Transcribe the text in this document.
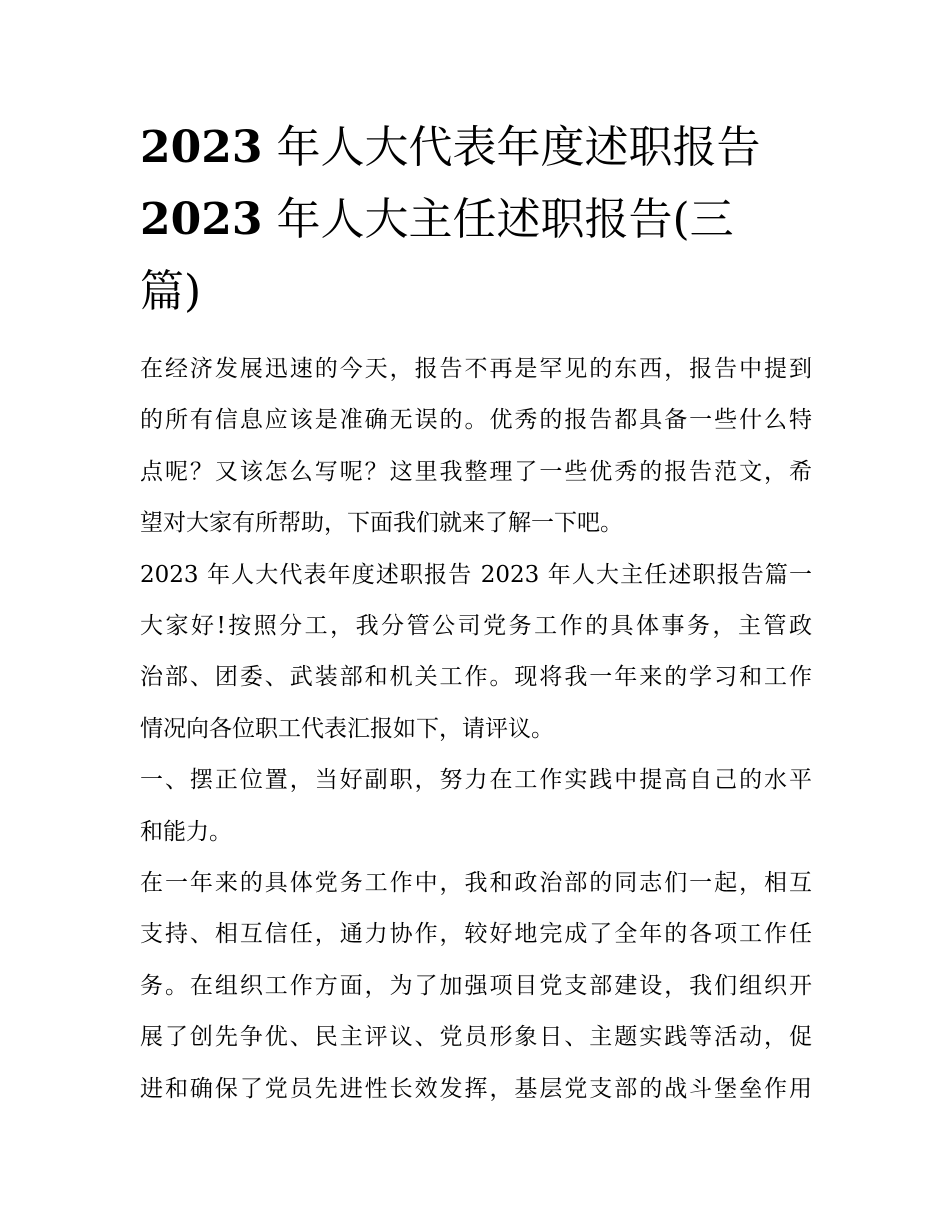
2023 年人大代表年度述职报告
2023 年人大主任述职报告(三
篇)

在经济发展迅速的今天，报告不再是罕见的东西，报告中提到
的所有信息应该是准确无误的。优秀的报告都具备一些什么特
点呢？又该怎么写呢？这里我整理了一些优秀的报告范文，希
望对大家有所帮助，下面我们就来了解一下吧。

2023 年人大代表年度述职报告 2023 年人大主任述职报告篇一

大家好!按照分工，我分管公司党务工作的具体事务，主管政
治部、团委、武装部和机关工作。现将我一年来的学习和工作
情况向各位职工代表汇报如下，请评议。

一、摆正位置，当好副职，努力在工作实践中提高自己的水平
和能力。

在一年来的具体党务工作中，我和政治部的同志们一起，相互
支持、相互信任，通力协作，较好地完成了全年的各项工作任
务。在组织工作方面，为了加强项目党支部建设，我们组织开
展了创先争优、民主评议、党员形象日、主题实践等活动，促
进和确保了党员先进性长效发挥，基层党支部的战斗堡垒作用
